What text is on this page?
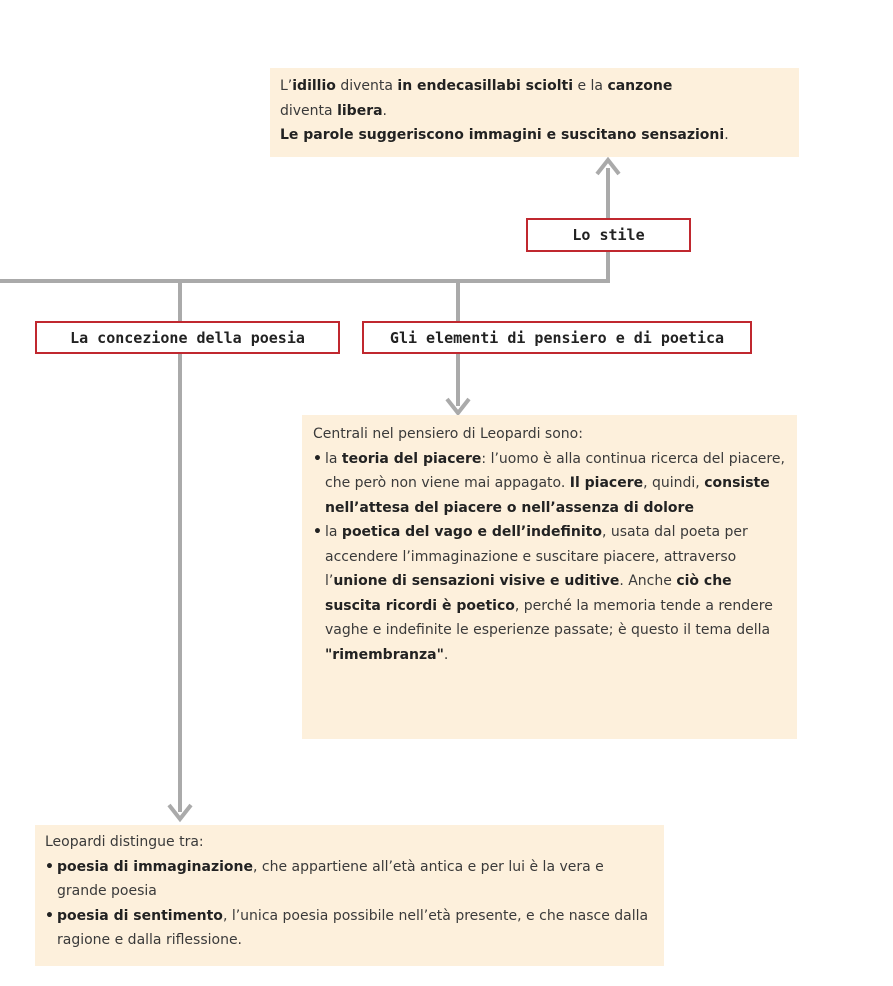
L’idillio diventa in endecasillabi sciolti e la canzone

diventa libera.

Le parole suggeriscono immagini e suscitano sensazioni.

Lo stile
La concezione della poesia	Gli elementi di pensiero e di poetica

Centrali nel pensiero di Leopardi sono:

• la teoria del piacere: l’uomo è alla continua ricerca del piacere, che però non viene mai appagato. Il piacere, quindi, consiste nell’attesa del piacere o nell’assenza di dolore
• la poetica del vago e dell’indefinito, usata dal poeta per accendere l’immaginazione e suscitare piacere, attraverso l’unione di sensazioni visive e uditive. Anche ciò che suscita ricordi è poetico, perché la memoria tende a rendere vaghe e indefinite le esperienze passate; è questo il tema della "rimembranza".

Leopardi distingue tra:

• poesia di immaginazione, che appartiene all’età antica e per lui è la vera e grande poesia
• poesia di sentimento, l’unica poesia possibile nell’età presente, e che nasce dalla ragione e dalla riflessione.
